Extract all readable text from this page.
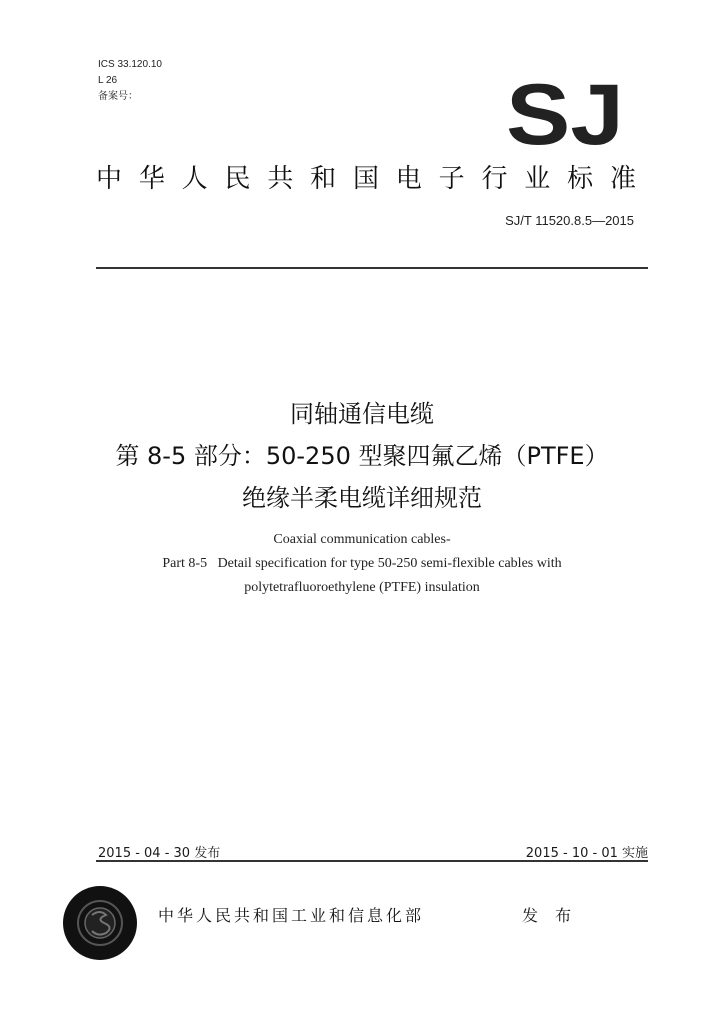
ICS 33.120.10
L 26
备案号：	SJ
中 华 人 民 共 和 国 电 子 行 业 标 准
SJ/T 11520.8.5—2015
同轴通信电缆
第 8-5 部分：50-250 型聚四氟乙烯（PTFE）
绝缘半柔电缆详细规范
Coaxial communication cables-
Part 8-5   Detail specification for type 50-250 semi-flexible cables with
polytetrafluoroethylene (PTFE) insulation
2015 - 04 - 30 发布	2015 - 10 - 01 实施
中华人民共和国工业和信息化部	发 布
